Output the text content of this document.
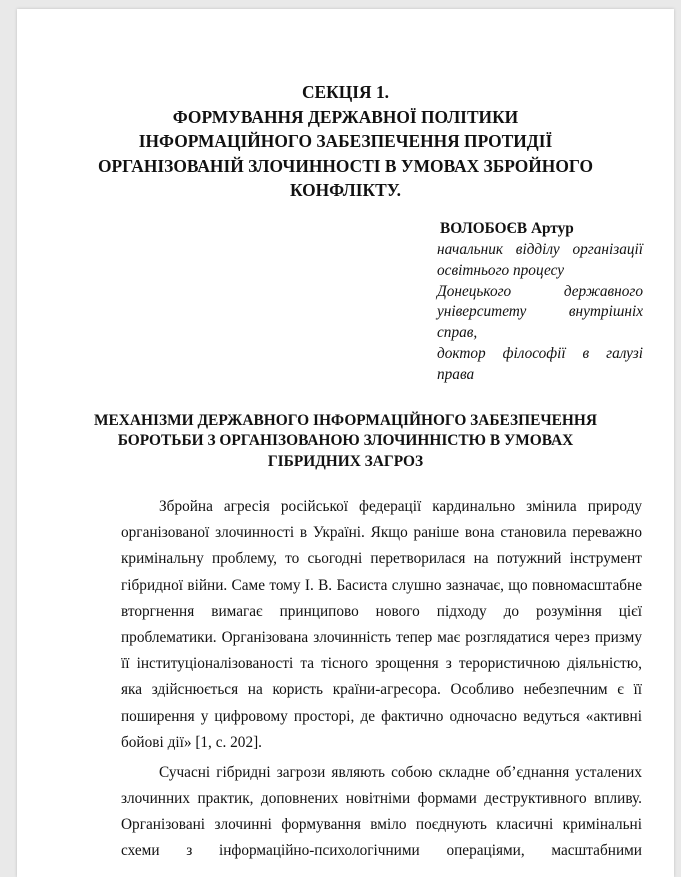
СЕКЦІЯ 1.
ФОРМУВАННЯ ДЕРЖАВНОЇ ПОЛІТИКИ
ІНФОРМАЦІЙНОГО ЗАБЕЗПЕЧЕННЯ ПРОТИДІЇ
ОРГАНІЗОВАНІЙ ЗЛОЧИННОСТІ В УМОВАХ ЗБРОЙНОГО
КОНФЛІКТУ.
ВОЛОБОЄВ Артур
начальник відділу організації
освітнього процесу
Донецького державного
університету внутрішніх
справ,
доктор філософії в галузі
права
МЕХАНІЗМИ ДЕРЖАВНОГО ІНФОРМАЦІЙНОГО ЗАБЕЗПЕЧЕННЯ
БОРОТЬБИ З ОРГАНІЗОВАНОЮ ЗЛОЧИННІСТЮ В УМОВАХ
ГІБРИДНИХ ЗАГРОЗ
Збройна агресія російської федерації кардинально змінила природу
організованої злочинності в Україні. Якщо раніше вона становила переважно
кримінальну проблему, то сьогодні перетворилася на потужний інструмент
гібридної війни. Саме тому І. В. Басиста слушно зазначає, що повномасштабне
вторгнення вимагає принципово нового підходу до розуміння цієї
проблематики. Організована злочинність тепер має розглядатися через призму
її інституціоналізованості та тісного зрощення з терористичною діяльністю,
яка здійснюється на користь країни-агресора. Особливо небезпечним є її
поширення у цифровому просторі, де фактично одночасно ведуться «активні
бойові дії» [1, с. 202].
Сучасні гібридні загрози являють собою складне об’єднання усталених
злочинних практик, доповнених новітніми формами деструктивного впливу.
Організовані злочинні формування вміло поєднують класичні кримінальні
схеми з інформаційно-психологічними операціями, масштабними
